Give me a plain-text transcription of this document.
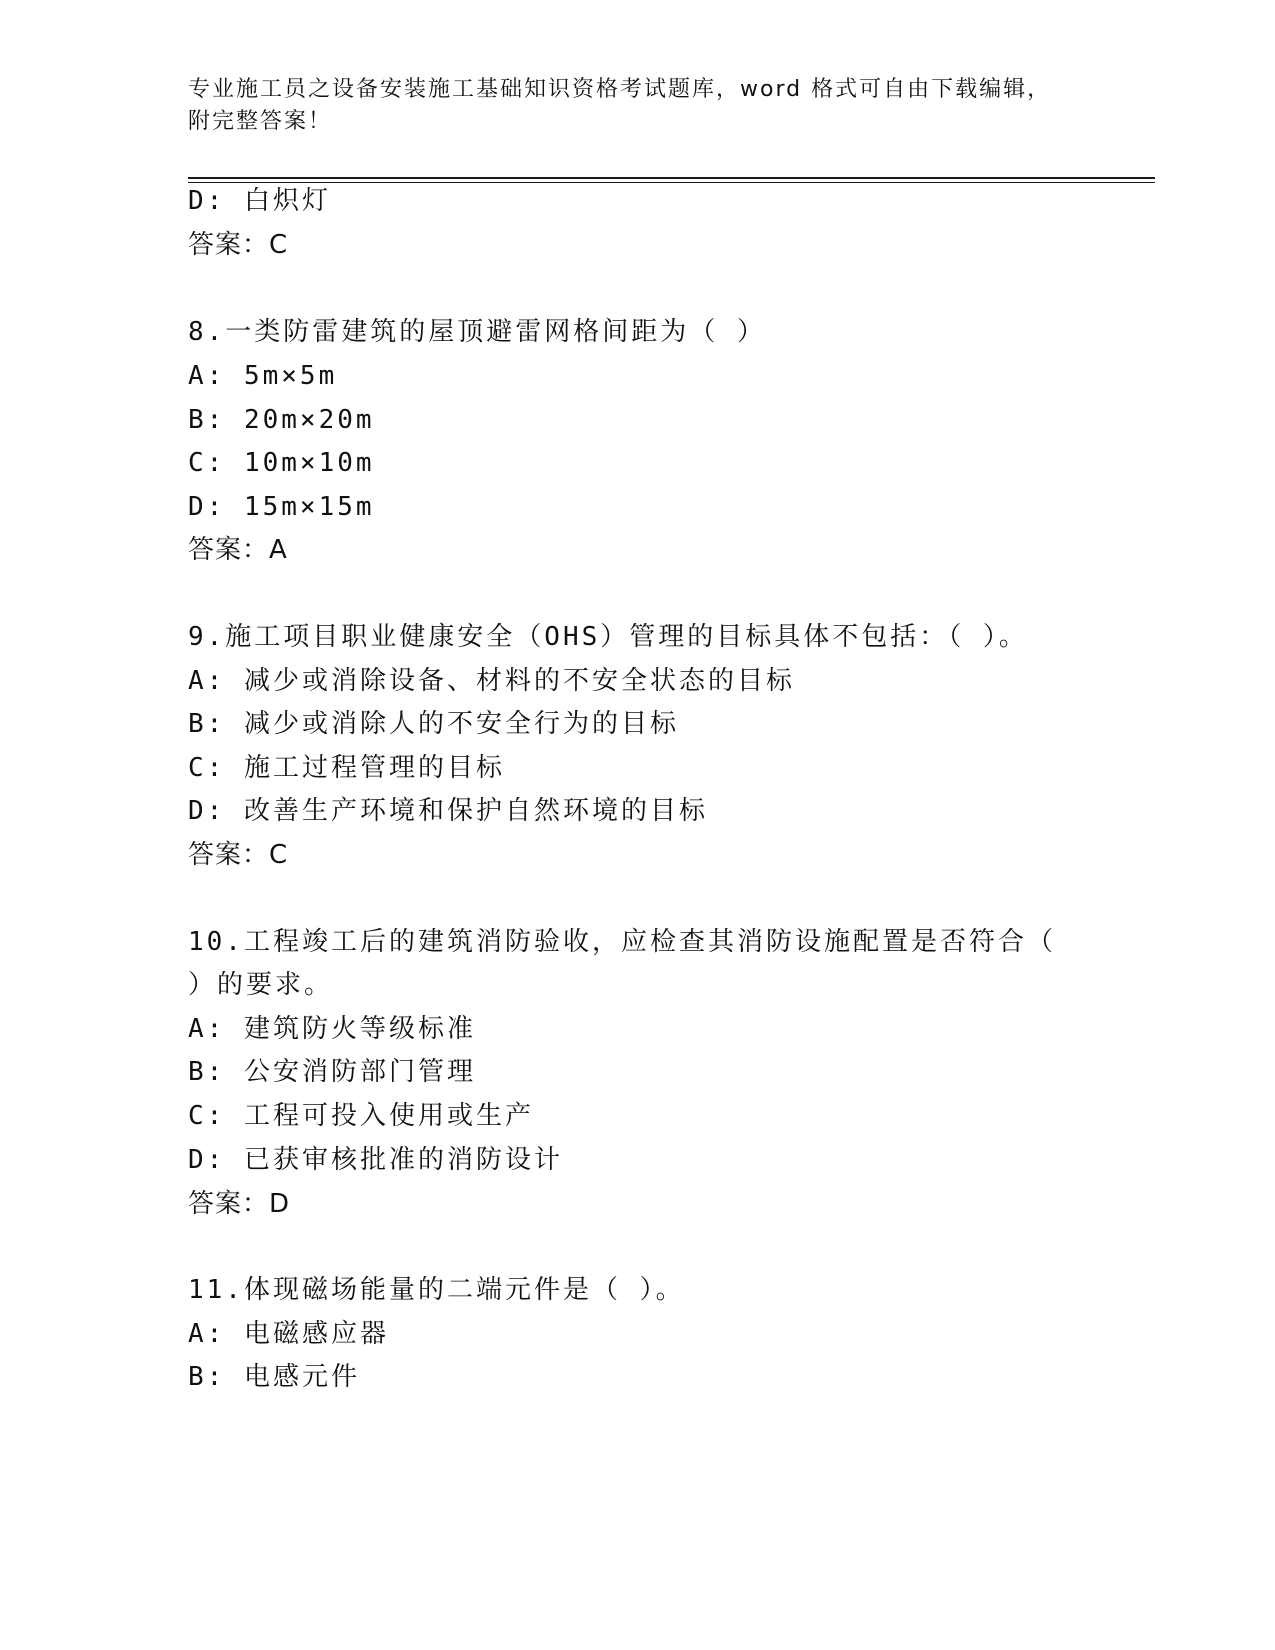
专业施工员之设备安装施工基础知识资格考试题库，word 格式可自由下载编辑，
附完整答案！
D: 白炽灯
答案：C
8.一类防雷建筑的屋顶避雷网格间距为（ ）
A: 5m×5m
B: 20m×20m
C: 10m×10m
D: 15m×15m
答案：A
9.施工项目职业健康安全（OHS）管理的目标具体不包括：（ ）。
A: 减少或消除设备、材料的不安全状态的目标
B: 减少或消除人的不安全行为的目标
C: 施工过程管理的目标
D: 改善生产环境和保护自然环境的目标
答案：C
10.工程竣工后的建筑消防验收，应检查其消防设施配置是否符合（
）的要求。
A: 建筑防火等级标准
B: 公安消防部门管理
C: 工程可投入使用或生产
D: 已获审核批准的消防设计
答案：D
11.体现磁场能量的二端元件是（ ）。
A: 电磁感应器
B: 电感元件
